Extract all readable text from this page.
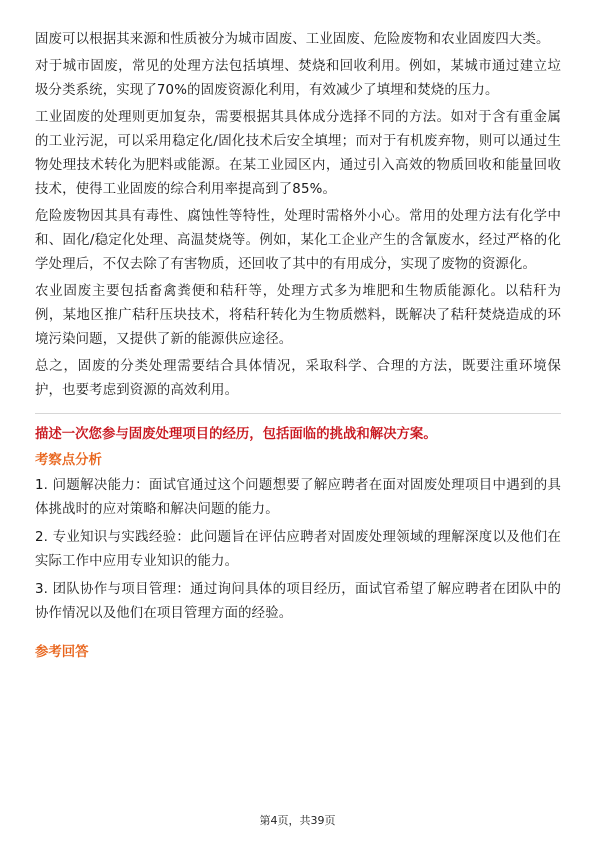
固废可以根据其来源和性质被分为城市固废、工业固废、危险废物和农业固废四大类。

对于城市固废，常见的处理方法包括填埋、焚烧和回收利用。例如，某城市通过建立垃圾分类系统，实现了70%的固废资源化利用，有效减少了填埋和焚烧的压力。

工业固废的处理则更加复杂，需要根据其具体成分选择不同的方法。如对于含有重金属的工业污泥，可以采用稳定化/固化技术后安全填埋；而对于有机废弃物，则可以通过生物处理技术转化为肥料或能源。在某工业园区内，通过引入高效的物质回收和能量回收技术，使得工业固废的综合利用率提高到了85%。

危险废物因其具有毒性、腐蚀性等特性，处理时需格外小心。常用的处理方法有化学中和、固化/稳定化处理、高温焚烧等。例如，某化工企业产生的含氰废水，经过严格的化学处理后，不仅去除了有害物质，还回收了其中的有用成分，实现了废物的资源化。

农业固废主要包括畜禽粪便和秸秆等，处理方式多为堆肥和生物质能源化。以秸秆为例，某地区推广秸秆压块技术，将秸秆转化为生物质燃料，既解决了秸秆焚烧造成的环境污染问题，又提供了新的能源供应途径。

总之，固废的分类处理需要结合具体情况，采取科学、合理的方法，既要注重环境保护，也要考虑到资源的高效利用。

描述一次您参与固废处理项目的经历，包括面临的挑战和解决方案。
考察点分析

1. 问题解决能力：面试官通过这个问题想要了解应聘者在面对固废处理项目中遇到的具体挑战时的应对策略和解决问题的能力。

2. 专业知识与实践经验：此问题旨在评估应聘者对固废处理领域的理解深度以及他们在实际工作中应用专业知识的能力。

3. 团队协作与项目管理：通过询问具体的项目经历，面试官希望了解应聘者在团队中的协作情况以及他们在项目管理方面的经验。

参考回答
第4页，共39页
